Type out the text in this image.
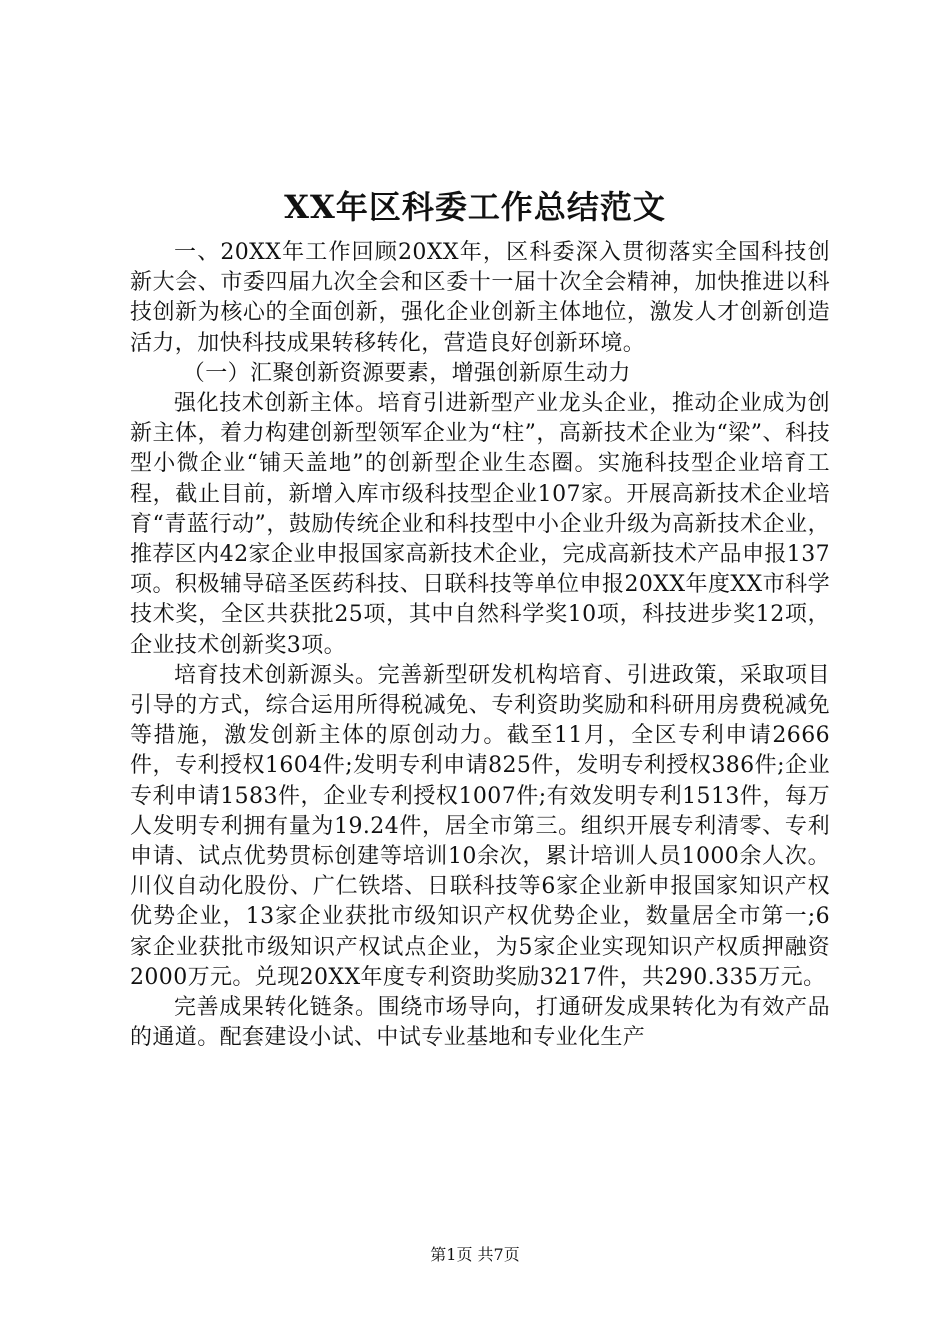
XX年区科委工作总结范文

一、20XX年工作回顾20XX年，区科委深入贯彻落实全国科技创新大会、市委四届九次全会和区委十一届十次全会精神，加快推进以科技创新为核心的全面创新，强化企业创新主体地位，激发人才创新创造活力，加快科技成果转移转化，营造良好创新环境。

（一）汇聚创新资源要素，增强创新原生动力

强化技术创新主体。培育引进新型产业龙头企业，推动企业成为创新主体，着力构建创新型领军企业为“柱”，高新技术企业为“梁”、科技型小微企业“铺天盖地”的创新型企业生态圈。实施科技型企业培育工程，截止目前，新增入库市级科技型企业107家。开展高新技术企业培育“青蓝行动”，鼓励传统企业和科技型中小企业升级为高新技术企业，推荐区内42家企业申报国家高新技术企业，完成高新技术产品申报137项。积极辅导碚圣医药科技、日联科技等单位申报20XX年度XX市科学技术奖，全区共获批25项，其中自然科学奖10项，科技进步奖12项，企业技术创新奖3项。

培育技术创新源头。完善新型研发机构培育、引进政策，采取项目引导的方式，综合运用所得税减免、专利资助奖励和科研用房费税减免等措施，激发创新主体的原创动力。截至11月，全区专利申请2666件，专利授权1604件;发明专利申请825件，发明专利授权386件;企业专利申请1583件，企业专利授权1007件;有效发明专利1513件，每万人发明专利拥有量为19.24件，居全市第三。组织开展专利清零、专利申请、试点优势贯标创建等培训10余次，累计培训人员1000余人次。川仪自动化股份、广仁铁塔、日联科技等6家企业新申报国家知识产权优势企业，13家企业获批市级知识产权优势企业，数量居全市第一;6家企业获批市级知识产权试点企业，为5家企业实现知识产权质押融资2000万元。兑现20XX年度专利资助奖励3217件，共290.335万元。

完善成果转化链条。围绕市场导向，打通研发成果转化为有效产品的通道。配套建设小试、中试专业基地和专业化生产

第1页 共7页
